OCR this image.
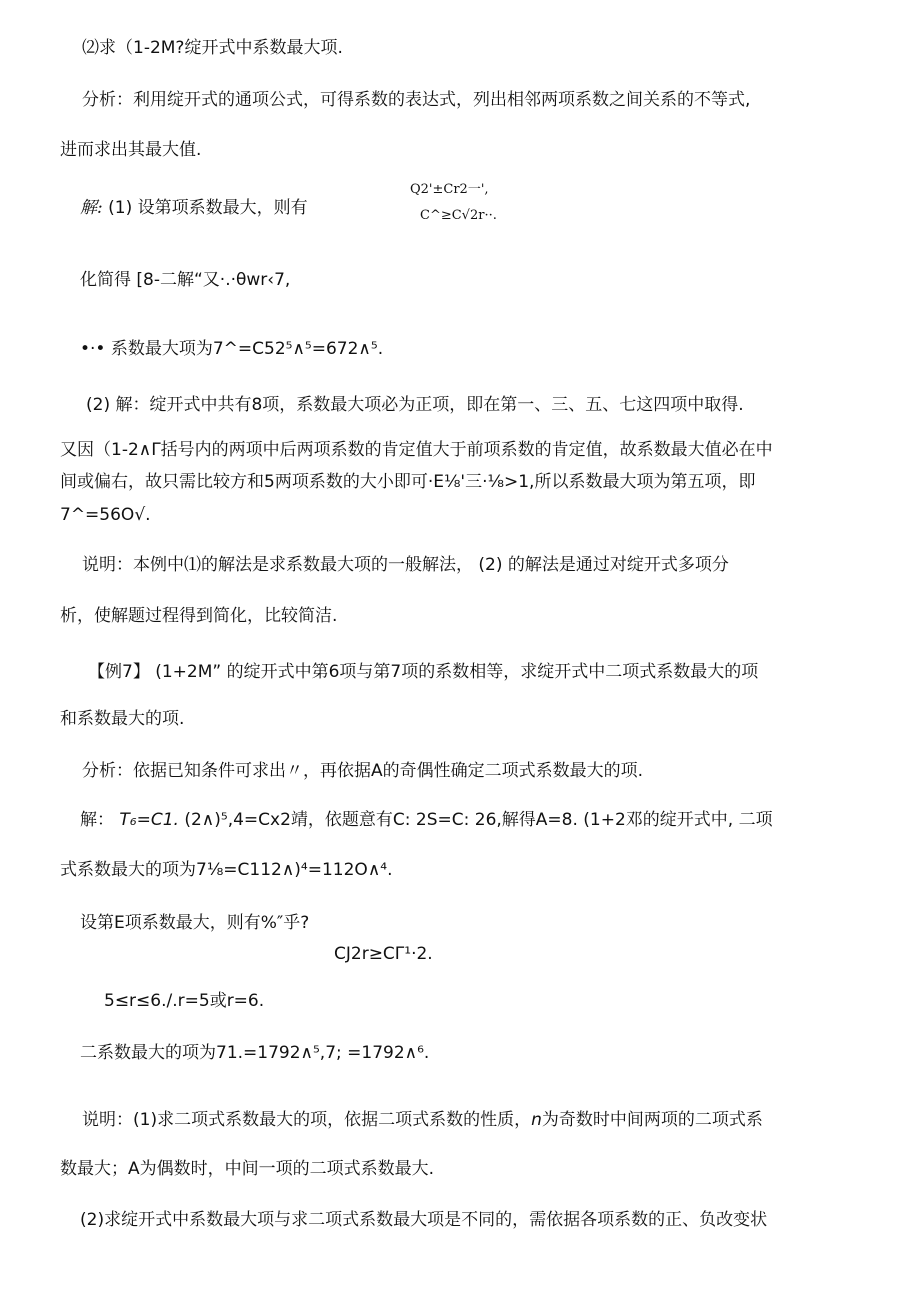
⑵求（1-2M?绽开式中系数最大项.
分析：利用绽开式的通项公式，可得系数的表达式，列出相邻两项系数之间关系的不等式,
进而求出其最大值.
解: (1) 设第项系数最大，则有
Q2'±Cr2一',
C^≥C√2r··.
化简得 [8-二解“又·.·θwr‹7,
•·• 系数最大项为7^=C52⁵∧⁵=672∧⁵.
(2) 解：绽开式中共有8项，系数最大项必为正项，即在第一、三、五、七这四项中取得.
又因（1-2∧Γ括号内的两项中后两项系数的肯定值大于前项系数的肯定值，故系数最大值必在中
间或偏右，故只需比较方和5两项系数的大小即可·E⅛'三·⅛>1,所以系数最大项为第五项，即
7^=56O√.
说明：本例中⑴的解法是求系数最大项的一般解法， (2) 的解法是通过对绽开式多项分
析，使解题过程得到简化，比较简洁.
【例7】 (1+2M” 的绽开式中第6项与第7项的系数相等，求绽开式中二项式系数最大的项
和系数最大的项.
分析：依据已知条件可求出〃，再依据A的奇偶性确定二项式系数最大的项.
解： T₆=C1. (2∧)⁵,4=Cx2靖，依题意有C: 2S=C: 26,解得A=8. (1+2邓的绽开式中, 二项
式系数最大的项为7⅛=C112∧)⁴=112O∧⁴.
设第E项系数最大，则有%″乎?
CJ2r≥CΓ¹·2.
5≤r≤6./.r=5或r=6.
二系数最大的项为71.=1792∧⁵,7; =1792∧⁶.
说明：(1)求二项式系数最大的项，依据二项式系数的性质，n为奇数时中间两项的二项式系
数最大；A为偶数时，中间一项的二项式系数最大.
(2)求绽开式中系数最大项与求二项式系数最大项是不同的，需依据各项系数的正、负改变状
